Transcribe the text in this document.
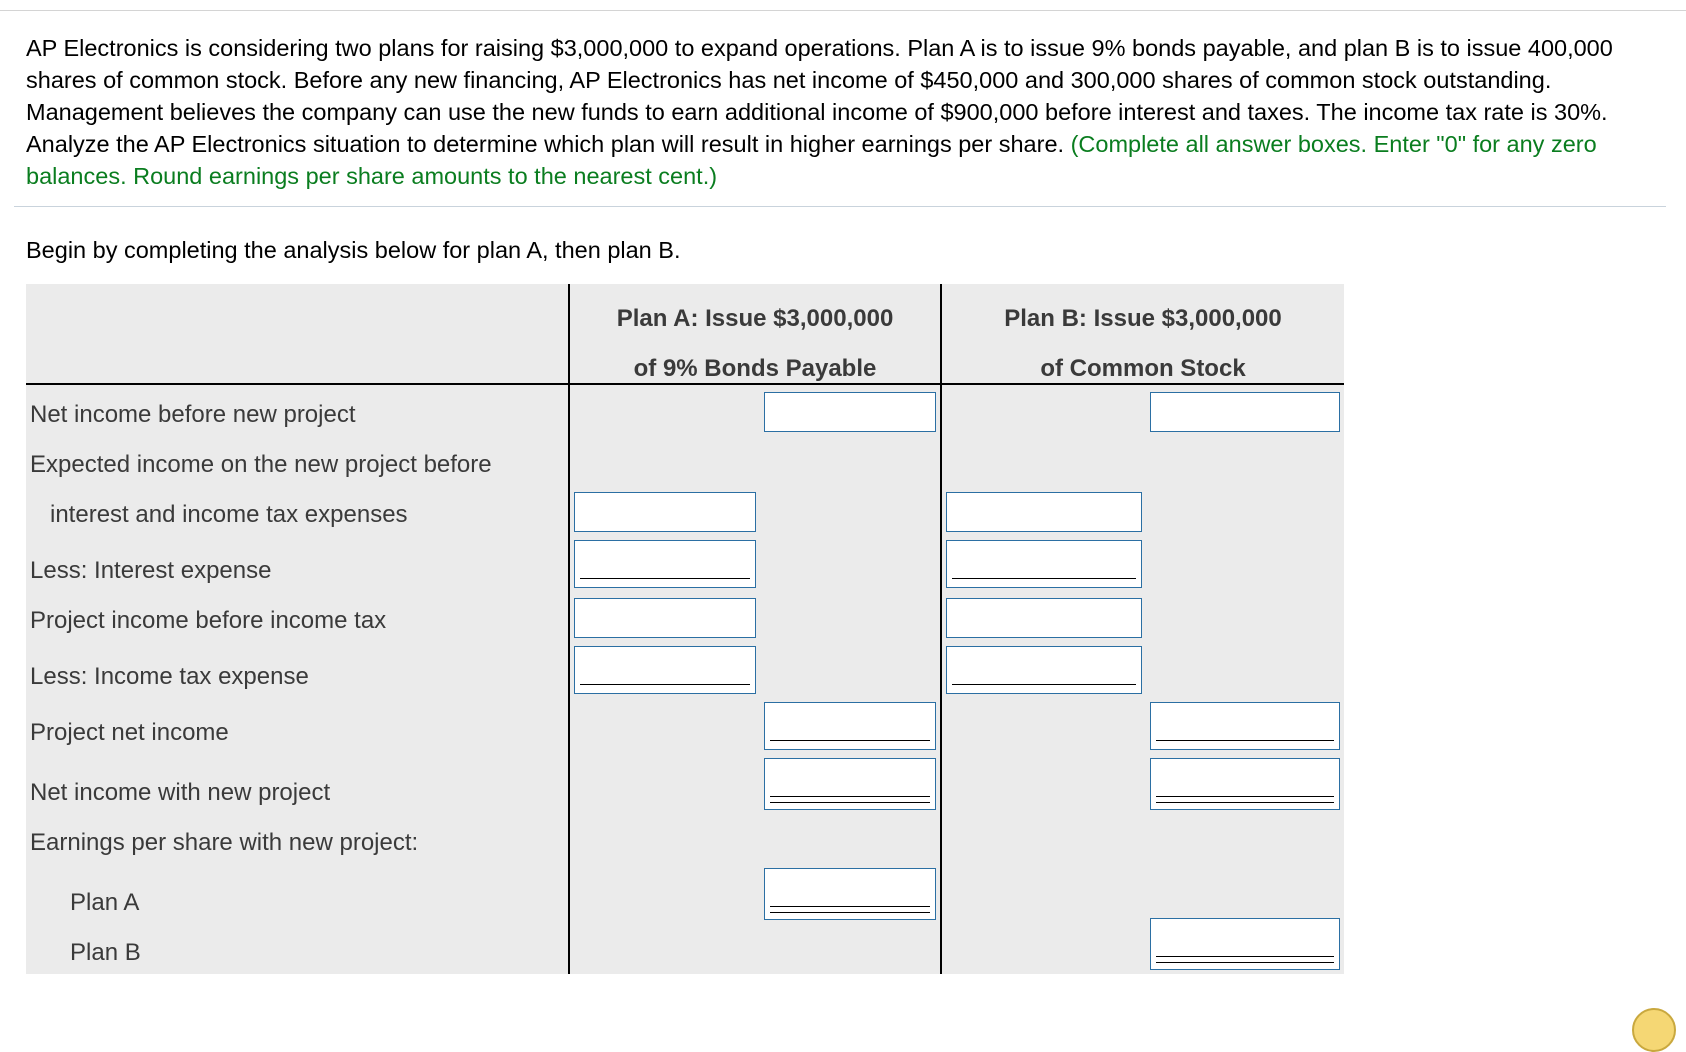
AP Electronics is considering two plans for raising $3,000,000 to expand operations. Plan A is to issue 9% bonds payable, and plan B is to issue 400,000 shares of common stock. Before any new financing, AP Electronics has net income of $450,000 and 300,000 shares of common stock outstanding. Management believes the company can use the new funds to earn additional income of $900,000 before interest and taxes. The income tax rate is 30%. Analyze the AP Electronics situation to determine which plan will result in higher earnings per share. (Complete all answer boxes. Enter "0" for any zero balances. Round earnings per share amounts to the nearest cent.)
Begin by completing the analysis below for plan A, then plan B.
Plan A: Issue $3,000,000
of 9% Bonds Payable
Plan B: Issue $3,000,000
of Common Stock
Net income before new project
Expected income on the new project before
interest and income tax expenses
Less: Interest expense
Project income before income tax
Less: Income tax expense
Project net income
Net income with new project
Earnings per share with new project:
Plan A
Plan B
